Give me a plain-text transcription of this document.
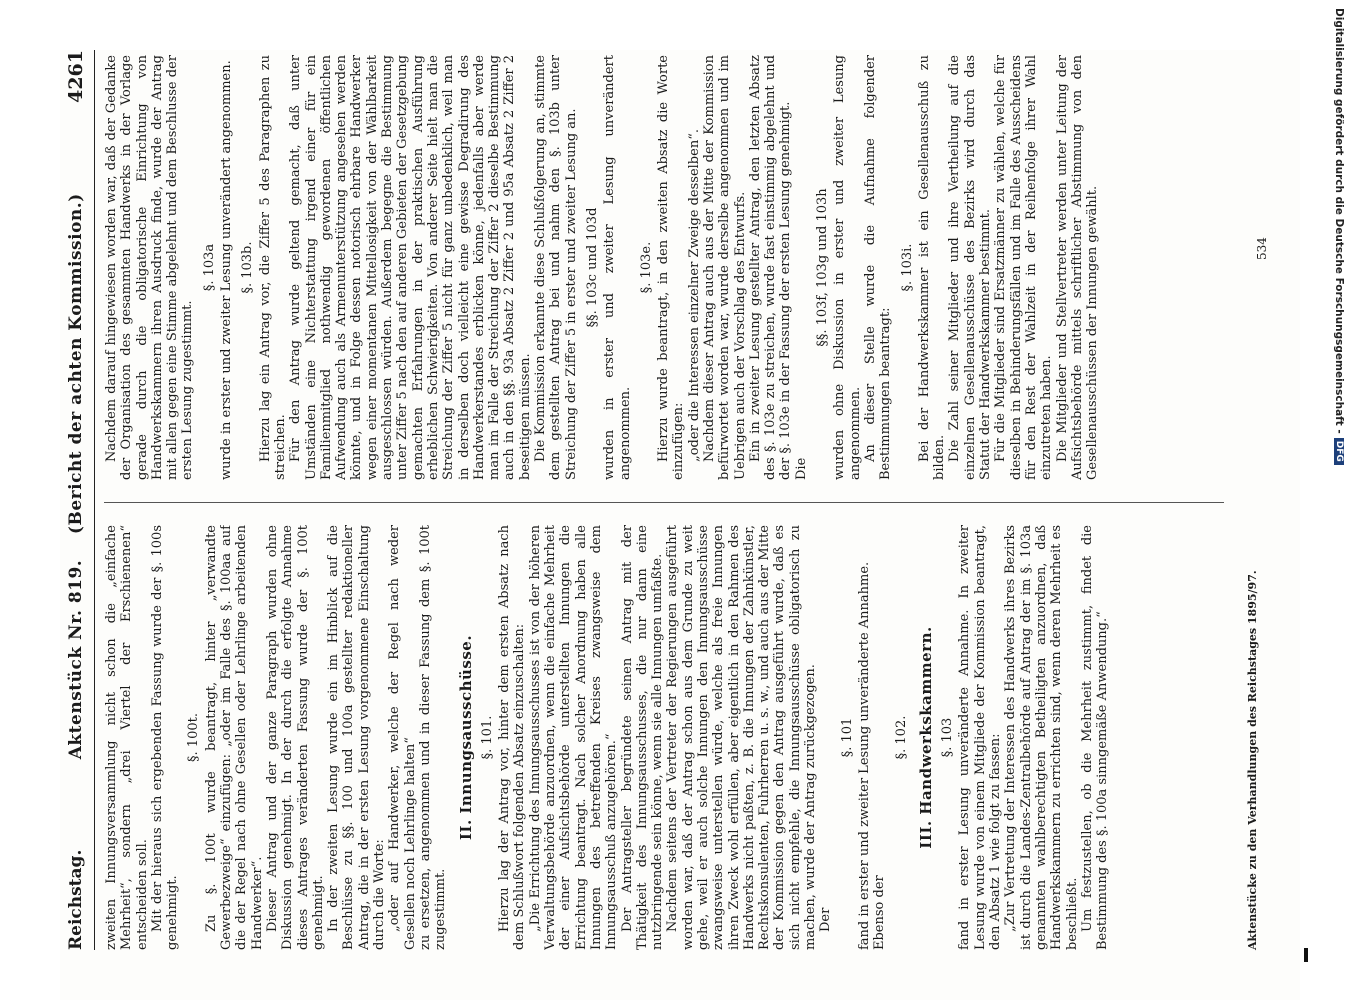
Reichstag.
Aktenstück Nr. 819.    (Bericht der achten Kommission.)
4261

zweiten Innungsversammlung nicht schon die „einfache Mehrheit“, sondern „drei Viertel der Erschienenen“ entscheiden soll. Mit der hieraus sich ergebenden Fassung wurde der §. 100s genehmigt.

§. 100t. Zu §. 100t wurde beantragt, hinter „verwandte Gewerbezweige“ einzufügen: „oder im Falle des §. 100aa auf die der Regel nach ohne Gesellen oder Lehrlinge arbeitenden Handwerker“. Dieser Antrag und der ganze Paragraph wurden ohne Diskussion genehmigt. In der durch die erfolgte Annahme dieses Antrages veränderten Fassung wurde der §. 100t genehmigt. In der zweiten Lesung wurde ein im Hinblick auf die Beschlüsse zu §§. 100 und 100a gestellter redaktioneller Antrag, die in der ersten Lesung vorgenommene Einschaltung durch die Worte: „oder auf Handwerker, welche der Regel nach weder Gesellen noch Lehrlinge halten“ zu ersetzen, angenommen und in dieser Fassung dem §. 100t zugestimmt.

II. Innungsausschüsse. §. 101. Hierzu lag der Antrag vor, hinter dem ersten Absatz nach dem Schlußwort folgenden Absatz einzuschalten: „Die Errichtung des Innungsausschusses ist von der höheren Verwaltungsbehörde anzuordnen, wenn die einfache Mehrheit der einer Aufsichtsbehörde unterstellten Innungen die Errichtung beantragt. Nach solcher Anordnung haben alle Innungen des betreffenden Kreises zwangsweise dem Innungsausschuß anzugehören.“ Der Antragsteller begründete seinen Antrag mit der Thätigkeit des Innungsausschusses, die nur dann eine nutzbringende sein könne, wenn sie alle Innungen umfaßte. Nachdem seitens der Vertreter der Regierungen ausgeführt worden war, daß der Antrag schon aus dem Grunde zu weit gehe, weil er auch solche Innungen den Innungsausschüsse zwangsweise unterstellen würde, welche als freie Innungen ihren Zweck wohl erfüllen, aber eigentlich in den Rahmen des Handwerks nicht paßten, z. B. die Innungen der Zahnkünstler, Rechtskonsulenten, Fuhrherren u. s. w., und auch aus der Mitte der Kommission gegen den Antrag ausgeführt wurde, daß es sich nicht empfehle, die Innungsausschüsse obligatorisch zu machen, wurde der Antrag zurückgezogen. Der

§. 101 fand in erster und zweiter Lesung unveränderte Annahme. Ebenso der

§. 102. III. Handwerkskammern. §. 103 fand in erster Lesung unveränderte Annahme. In zweiter Lesung wurde von einem Mitgliede der Kommission beantragt, den Absatz 1 wie folgt zu fassen: „Zur Vertretung der Interessen des Handwerks ihres Bezirks ist durch die Landes-Zentralbehörde auf Antrag der im §. 103a genannten wahlberechtigten Betheiligten anzuordnen, daß Handwerkskammern zu errichten sind, wenn deren Mehrheit es beschließt. Um festzustellen, ob die Mehrheit zustimmt, findet die Bestimmung des §. 100a sinngemäße Anwendung.“

Nachdem darauf hingewiesen worden war, daß der Gedanke der Organisation des gesammten Handwerks in der Vorlage gerade durch die obligatorische Einrichtung von Handwerkskammern ihren Ausdruck finde, wurde der Antrag mit allen gegen eine Stimme abgelehnt und dem Beschlusse der ersten Lesung zugestimmt.

§. 103a wurde in erster und zweiter Lesung unverändert angenommen. §. 103b. Hierzu lag ein Antrag vor, die Ziffer 5 des Paragraphen zu streichen. Für den Antrag wurde geltend gemacht, daß unter Umständen eine Nichterstattung irgend einer für ein Familienmitglied nothwendig gewordenen öffentlichen Aufwendung auch als Armenunterstützung angesehen werden könnte, und in Folge dessen notorisch ehrbare Handwerker wegen einer momentanen Mittellosigkeit von der Wählbarkeit ausgeschlossen würden. Außerdem begegne die Bestimmung unter Ziffer 5 nach den auf anderen Gebieten der Gesetzgebung gemachten Erfahrungen in der praktischen Ausführung erheblichen Schwierigkeiten. Von anderer Seite hielt man die Streichung der Ziffer 5 nicht für ganz unbedenklich, weil man in derselben doch vielleicht eine gewisse Degradirung des Handwerkerstandes erblicken könne, jedenfalls aber werde man im Falle der Streichung der Ziffer 2 dieselbe Bestimmung auch in den §§. 93a Absatz 2 Ziffer 2 und 95a Absatz 2 Ziffer 2 beseitigen müssen. Die Kommission erkannte diese Schlußfolgerung an, stimmte dem gestellten Antrag bei und nahm den §. 103b unter Streichung der Ziffer 5 in erster und zweiter Lesung an. §§. 103c und 103d wurden in erster und zweiter Lesung unverändert angenommen.

§. 103e. Hierzu wurde beantragt, in den zweiten Absatz die Worte einzufügen: „oder die Interessen einzelner Zweige desselben“. Nachdem dieser Antrag auch aus der Mitte der Kommission befürwortet worden war, wurde derselbe angenommen und im Uebrigen auch der Vorschlag des Entwurfs. Ein in zweiter Lesung gestellter Antrag, den letzten Absatz des §. 103e zu streichen, wurde fast einstimmig abgelehnt und der §. 103e in der Fassung der ersten Lesung genehmigt. Die

§§. 103f, 103g und 103h wurden ohne Diskussion in erster und zweiter Lesung angenommen. An dieser Stelle wurde die Aufnahme folgender Bestimmungen beantragt:

§. 103i. Bei der Handwerkskammer ist ein Gesellenausschuß zu bilden. Die Zahl seiner Mitglieder und ihre Vertheilung auf die einzelnen Gesellenausschüsse des Bezirks wird durch das Statut der Handwerkskammer bestimmt. Für die Mitglieder sind Ersatzmänner zu wählen, welche für dieselben in Behinderungsfällen und im Falle des Ausscheidens für den Rest der Wahlzeit in der Reihenfolge ihrer Wahl einzutreten haben. Die Mitglieder und Stellvertreter werden unter Leitung der Aufsichtsbehörde mittels schriftlicher Abstimmung von den Gesellenausschüssen der Innungen gewählt.

Aktenstücke zu den Verhandlungen des Reichstages 1895/97.
534	Digitalisierung gefördert durch die Deutsche Forschungsgemeinschaft -
DFG
